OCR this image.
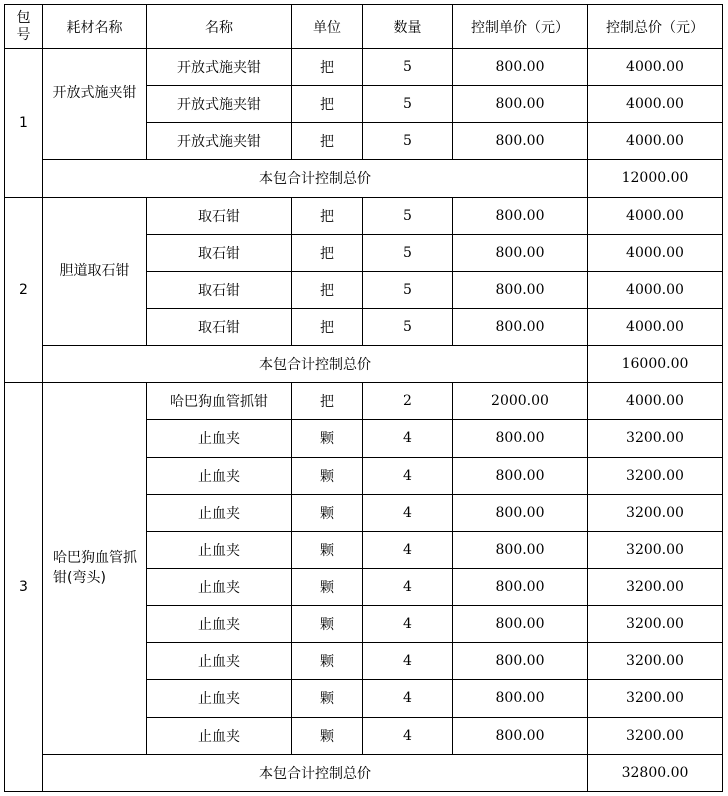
包
号	耗材名称	名称	单位	数量	控制单价（元）	控制总价（元）
1	开放式施夹钳	开放式施夹钳	把	5	800.00	4000.00
		开放式施夹钳	把	5	800.00	4000.00
		开放式施夹钳	把	5	800.00	4000.00
	本包合计控制总价					12000.00
2	胆道取石钳	取石钳	把	5	800.00	4000.00
		取石钳	把	5	800.00	4000.00
		取石钳	把	5	800.00	4000.00
		取石钳	把	5	800.00	4000.00
	本包合计控制总价					16000.00
3	哈巴狗血管抓钳(弯头)	哈巴狗血管抓钳	把	2	2000.00	4000.00
		止血夹	颗	4	800.00	3200.00
		止血夹	颗	4	800.00	3200.00
		止血夹	颗	4	800.00	3200.00
		止血夹	颗	4	800.00	3200.00
		止血夹	颗	4	800.00	3200.00
		止血夹	颗	4	800.00	3200.00
		止血夹	颗	4	800.00	3200.00
		止血夹	颗	4	800.00	3200.00
		止血夹	颗	4	800.00	3200.00
	本包合计控制总价					32800.00
